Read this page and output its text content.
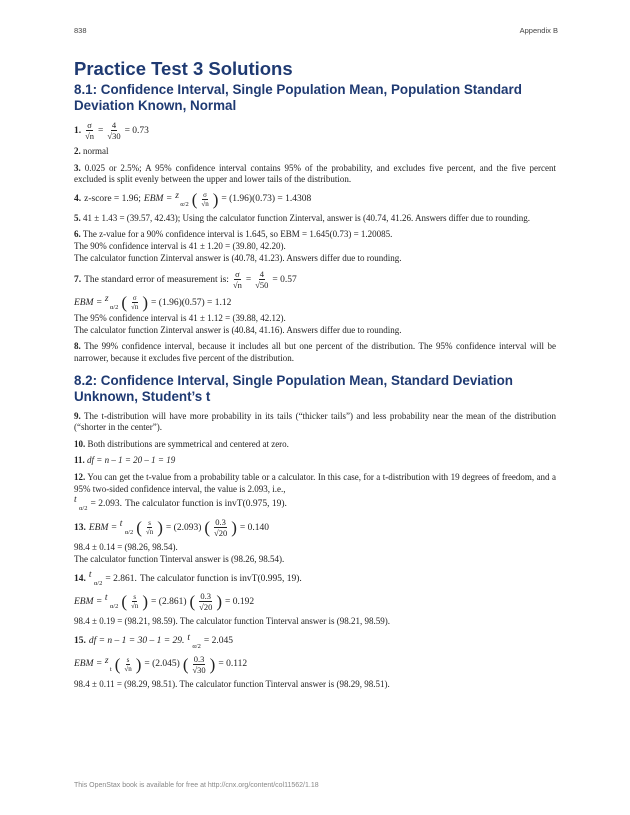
838	Appendix B
Practice Test 3 Solutions
8.1: Confidence Interval, Single Population Mean, Population Standard Deviation Known, Normal
1. $\frac{\sigma}{√n} = \frac{4}{√30} = 0.73$

2. normal

3. 0.025 or 2.5%; A 95% confidence interval contains 95% of the probability, and excludes five percent, and the five percent excluded is split evenly between the upper and lower tails of the distribution.

4. z-score = 1.96; EBM = z
α/2 ( $\frac{\sigma}{√n}$ ) = (1.96)(0.73) = 1.4308

5. 41 ± 1.43 = (39.57, 42.43); Using the calculator function Zinterval, answer is (40.74, 41.26. Answers differ due to rounding.

6. The z-value for a 90% confidence interval is 1.645, so EBM = 1.645(0.73) = 1.20085.

The 90% confidence interval is 41 ± 1.20 = (39.80, 42.20).

The calculator function Zinterval answer is (40.78, 41.23). Answers differ due to rounding.

7. The standard error of measurement is: $\frac{\sigma}{√n} = \frac{4}{√50} = 0.57$
EBM = z
α/2 ( $\frac{\sigma}{√n}$ ) = (1.96)(0.57) = 1.12

The 95% confidence interval is 41 ± 1.12 = (39.88, 42.12).

The calculator function Zinterval answer is (40.84, 41.16). Answers differ due to rounding.

8. The 99% confidence interval, because it includes all but one percent of the distribution. The 95% confidence interval will be narrower, because it excludes five percent of the distribution.

8.2: Confidence Interval, Single Population Mean, Standard Deviation Unknown, Student’s t

9. The t-distribution will have more probability in its tails (“thicker tails”) and less probability near the mean of the distribution (“shorter in the center”).

10. Both distributions are symmetrical and centered at zero.

11. df = n – 1 = 20 – 1 = 19

12. You can get the t-value from a probability table or a calculator. In this case, for a t-distribution with 19 degrees of freedom, and a 95% two-sided confidence interval, the value is 2.093, i.e.,

t
α/2 = 2.093. The calculator function is invT(0.975, 19).
13. EBM = t
α/2 ( $\frac{s}{√n}$ ) = (2.093) ( $\frac{0.3}{√20}$ ) = 0.140

98.4 ± 0.14 = (98.26, 98.54).

The calculator function Tinterval answer is (98.26, 98.54).

14. t
α/2 = 2.861. The calculator function is invT(0.995, 19).
EBM = t
α/2 ( $\frac{s}{√n}$ ) = (2.861) ( $\frac{0.3}{√20}$ ) = 0.192

98.4 ± 0.19 = (98.21, 98.59). The calculator function Tinterval answer is (98.21, 98.59).

15. df = n – 1 = 30 – 1 = 29. t
α/2 = 2.045
EBM = z
t ( $\frac{s}{√n}$ ) = (2.045) ( $\frac{0.3}{√30}$ ) = 0.112

98.4 ± 0.11 = (98.29, 98.51). The calculator function Tinterval answer is (98.29, 98.51).

This OpenStax book is available for free at http://cnx.org/content/col11562/1.18
